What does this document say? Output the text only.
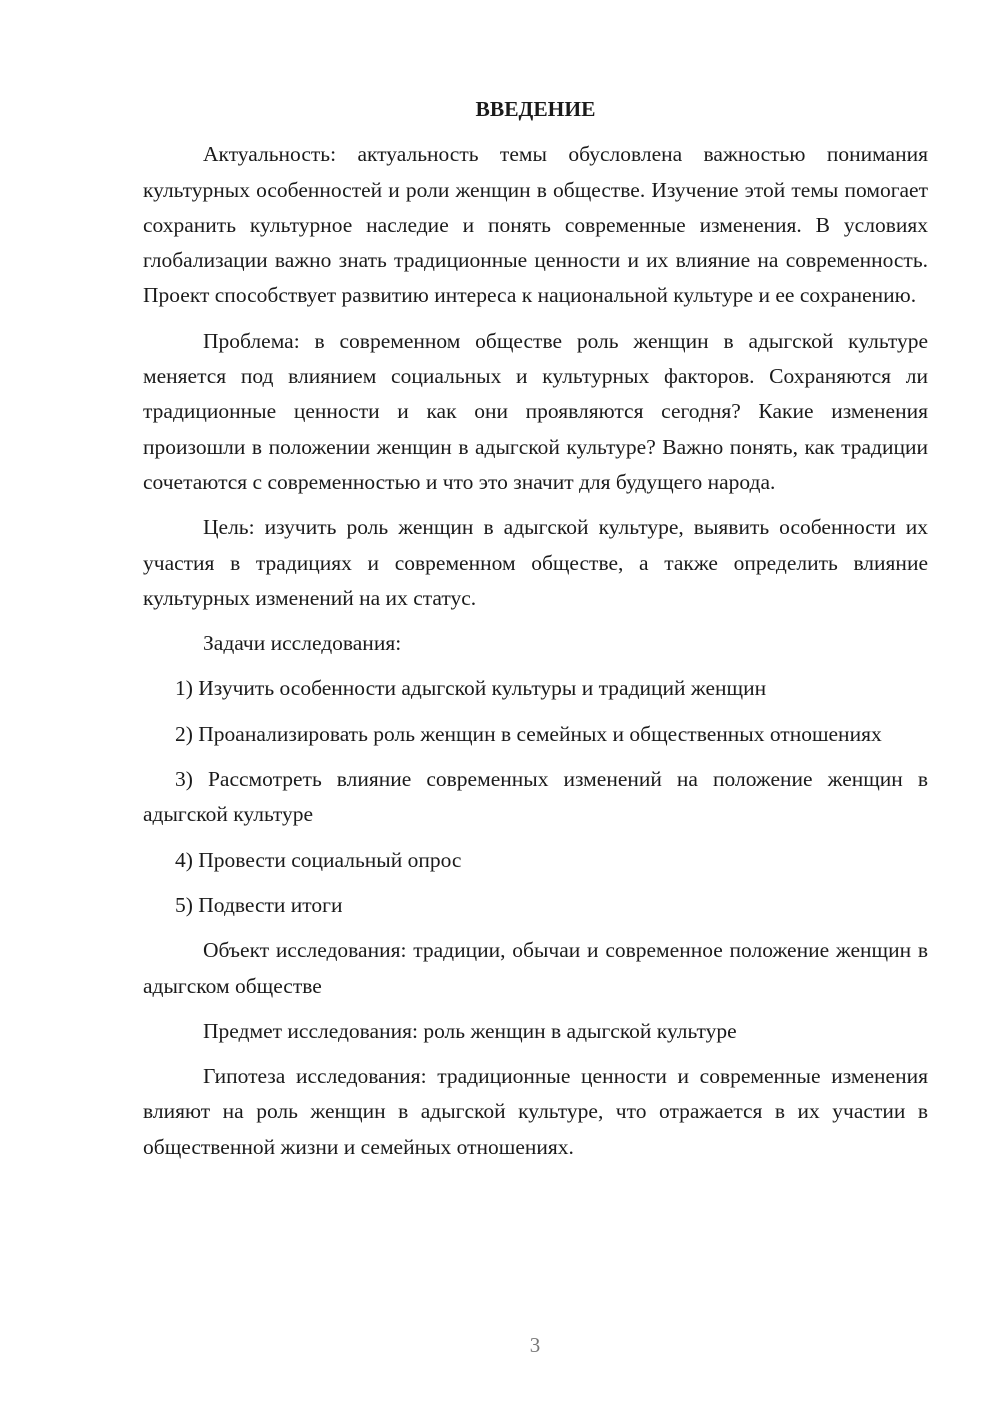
ВВЕДЕНИЕ

Актуальность: актуальность темы обусловлена важностью понимания культурных особенностей и роли женщин в обществе. Изучение этой темы помогает сохранить культурное наследие и понять современные изменения. В условиях глобализации важно знать традиционные ценности и их влияние на современность. Проект способствует развитию интереса к национальной культуре и ее сохранению.

Проблема: в современном обществе роль женщин в адыгской культуре меняется под влиянием социальных и культурных факторов. Сохраняются ли традиционные ценности и как они проявляются сегодня? Какие изменения произошли в положении женщин в адыгской культуре? Важно понять, как традиции сочетаются с современностью и что это значит для будущего народа.

Цель: изучить роль женщин в адыгской культуре, выявить особенности их участия в традициях и современном обществе, а также определить влияние культурных изменений на их статус.

Задачи исследования:

1) Изучить особенности адыгской культуры и традиций женщин

2) Проанализировать роль женщин в семейных и общественных отношениях

3) Рассмотреть влияние современных изменений на положение женщин в адыгской культуре

4) Провести социальный опрос

5) Подвести итоги

Объект исследования: традиции, обычаи и современное положение женщин в адыгском обществе

Предмет исследования: роль женщин в адыгской культуре

Гипотеза исследования: традиционные ценности и современные изменения влияют на роль женщин в адыгской культуре, что отражается в их участии в общественной жизни и семейных отношениях.

3
